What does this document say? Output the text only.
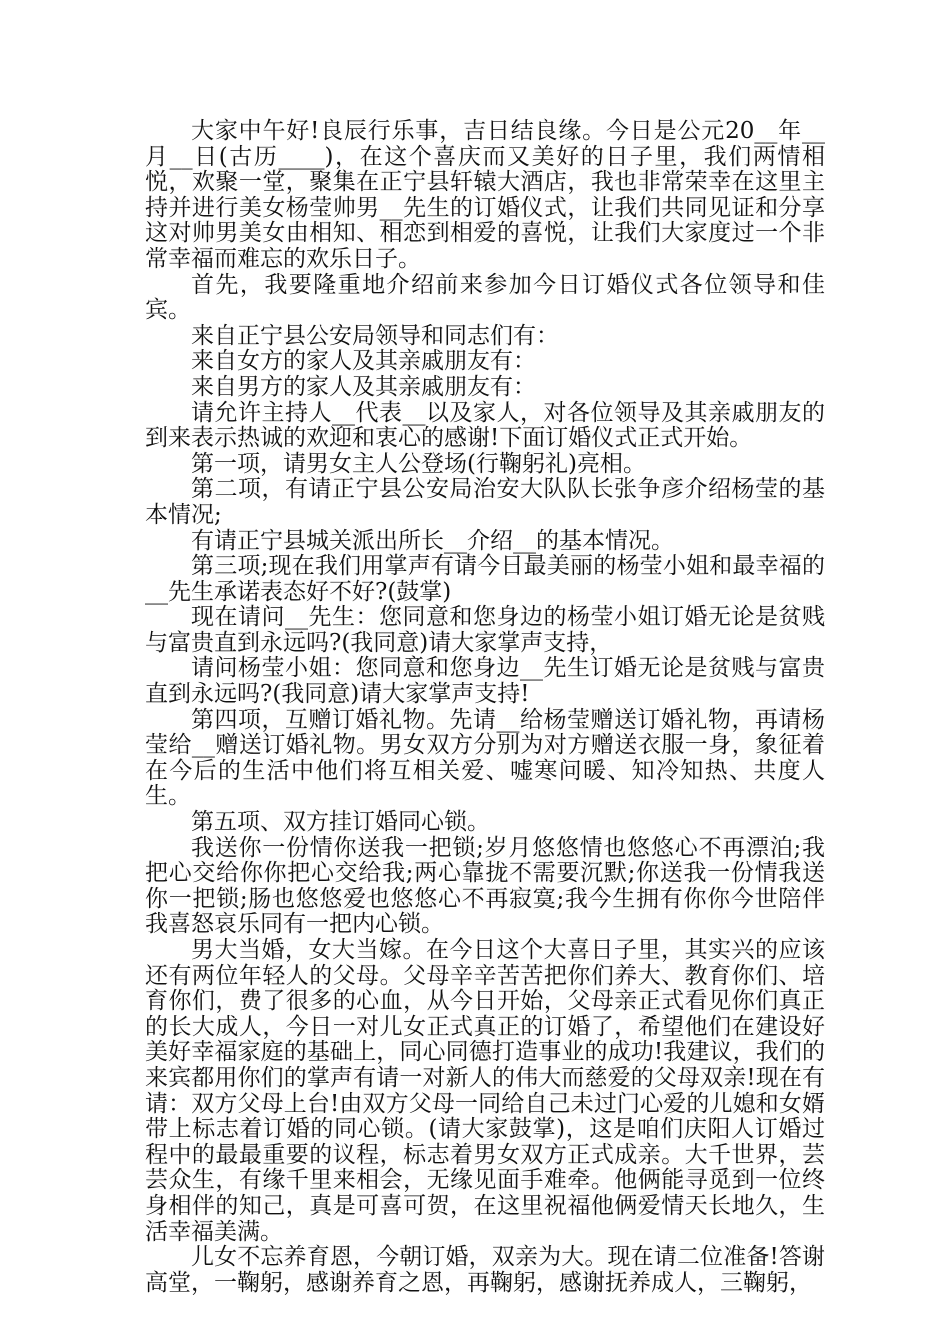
大家中午好!良辰行乐事，吉日结良缘。今日是公元20__年__月__日(古历____)，在这个喜庆而又美好的日子里，我们两情相悦，欢聚一堂，聚集在正宁县轩辕大酒店，我也非常荣幸在这里主持并进行美女杨莹帅男__先生的订婚仪式，让我们共同见证和分享这对帅男美女由相知、相恋到相爱的喜悦，让我们大家度过一个非常幸福而难忘的欢乐日子。

首先，我要隆重地介绍前来参加今日订婚仪式各位领导和佳宾。

来自正宁县公安局领导和同志们有：

来自女方的家人及其亲戚朋友有：

来自男方的家人及其亲戚朋友有：

请允许主持人__代表__以及家人，对各位领导及其亲戚朋友的到来表示热诚的欢迎和衷心的感谢!下面订婚仪式正式开始。

第一项，请男女主人公登场(行鞠躬礼)亮相。

第二项，有请正宁县公安局治安大队队长张争彦介绍杨莹的基本情况;

有请正宁县城关派出所长__介绍__的基本情况。

第三项;现在我们用掌声有请今日最美丽的杨莹小姐和最幸福的__先生承诺表态好不好?(鼓掌)

现在请问__先生：您同意和您身边的杨莹小姐订婚无论是贫贱与富贵直到永远吗?(我同意)请大家掌声支持，

请问杨莹小姐：您同意和您身边__先生订婚无论是贫贱与富贵直到永远吗?(我同意)请大家掌声支持!

第四项，互赠订婚礼物。先请__给杨莹赠送订婚礼物，再请杨莹给__赠送订婚礼物。男女双方分别为对方赠送衣服一身，象征着在今后的生活中他们将互相关爱、嘘寒问暖、知冷知热、共度人生。

第五项、双方挂订婚同心锁。

我送你一份情你送我一把锁;岁月悠悠情也悠悠心不再漂泊;我把心交给你你把心交给我;两心靠拢不需要沉默;你送我一份情我送你一把锁;肠也悠悠爱也悠悠心不再寂寞;我今生拥有你你今世陪伴我喜怒哀乐同有一把内心锁。

男大当婚，女大当嫁。在今日这个大喜日子里，其实兴的应该还有两位年轻人的父母。父母辛辛苦苦把你们养大、教育你们、培育你们，费了很多的心血，从今日开始，父母亲正式看见你们真正的长大成人，今日一对儿女正式真正的订婚了，希望他们在建设好美好幸福家庭的基础上，同心同德打造事业的成功!我建议，我们的来宾都用你们的掌声有请一对新人的伟大而慈爱的父母双亲!现在有请：双方父母上台!由双方父母一同给自己未过门心爱的儿媳和女婿带上标志着订婚的同心锁。(请大家鼓掌)，这是咱们庆阳人订婚过程中的最最重要的议程，标志着男女双方正式成亲。大千世界，芸芸众生，有缘千里来相会，无缘见面手难牵。他俩能寻觅到一位终身相伴的知己，真是可喜可贺，在这里祝福他俩爱情天长地久，生活幸福美满。

儿女不忘养育恩，今朝订婚，双亲为大。现在请二位准备!答谢高堂，一鞠躬，感谢养育之恩，再鞠躬，感谢抚养成人，三鞠躬，
